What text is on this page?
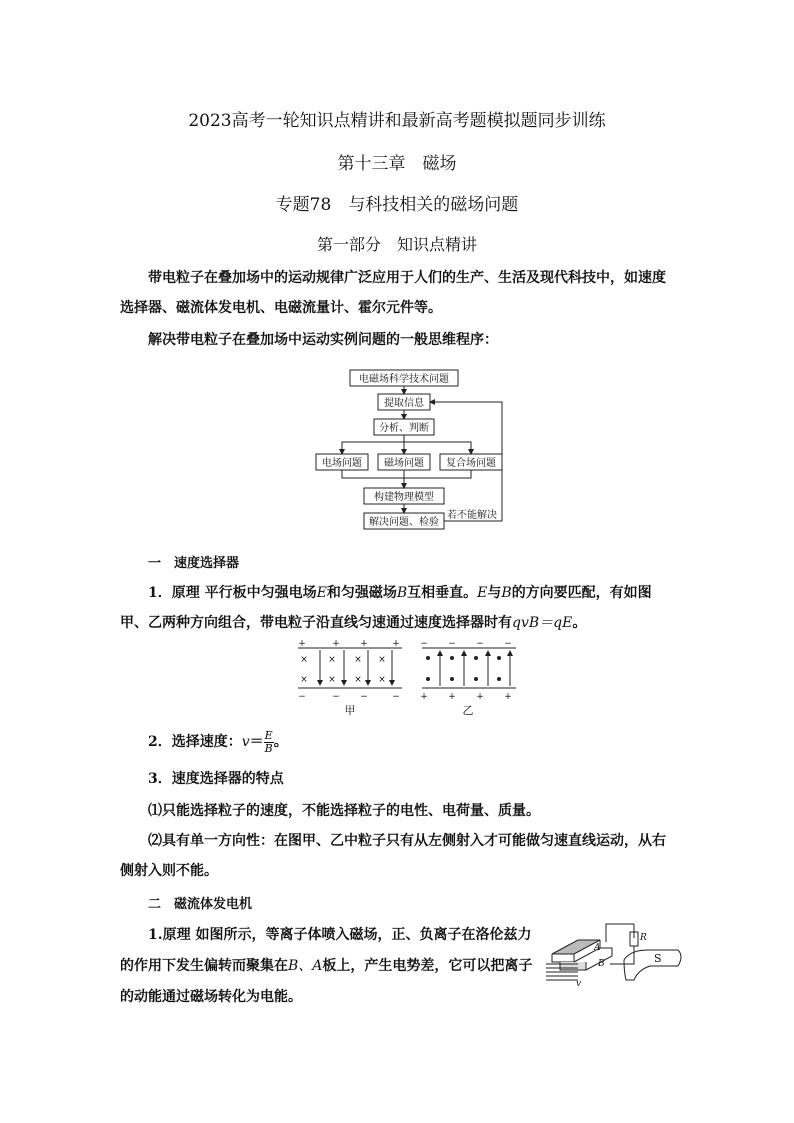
2023高考一轮知识点精讲和最新高考题模拟题同步训练
第十三章　磁场
专题78　与科技相关的磁场问题
第一部分　知识点精讲
带电粒子在叠加场中的运动规律广泛应用于人们的生产、生活及现代科技中，如速度
选择器、磁流体发电机、电磁流量计、霍尔元件等。
解决带电粒子在叠加场中运动实例问题的一般思维程序：
电磁场科学技术问题
提取信息
分析、判断
电场问题 磁场问题 复合场问题
构建物理模型
解决问题、检验
若不能解决
一　速度选择器
1．原理 平行板中匀强电场E和匀强磁场B互相垂直。E与B的方向要匹配，有如图
甲、乙两种方向组合，带电粒子沿直线匀速通过速度选择器时有qvB＝qE。
+	+ +	+
× × × ×
× × × ×
−	− −	−
− − − −
+ + + +
甲	乙
2．选择速度：$v= \frac{E}{B}$ 。
3．速度选择器的特点
⑴只能选择粒子的速度，不能选择粒子的电性、电荷量、质量。
⑵具有单一方向性：在图甲、乙中粒子只有从左侧射入才可能做匀速直线运动，从右
侧射入则不能。
二　磁流体发电机
1.原理 如图所示，等离子体喷入磁场，正、负离子在洛伦兹力
的作用下发生偏转而聚集在B、A板上，产生电势差，它可以把离子
的动能通过磁场转化为电能。
R
A
B	S
v
